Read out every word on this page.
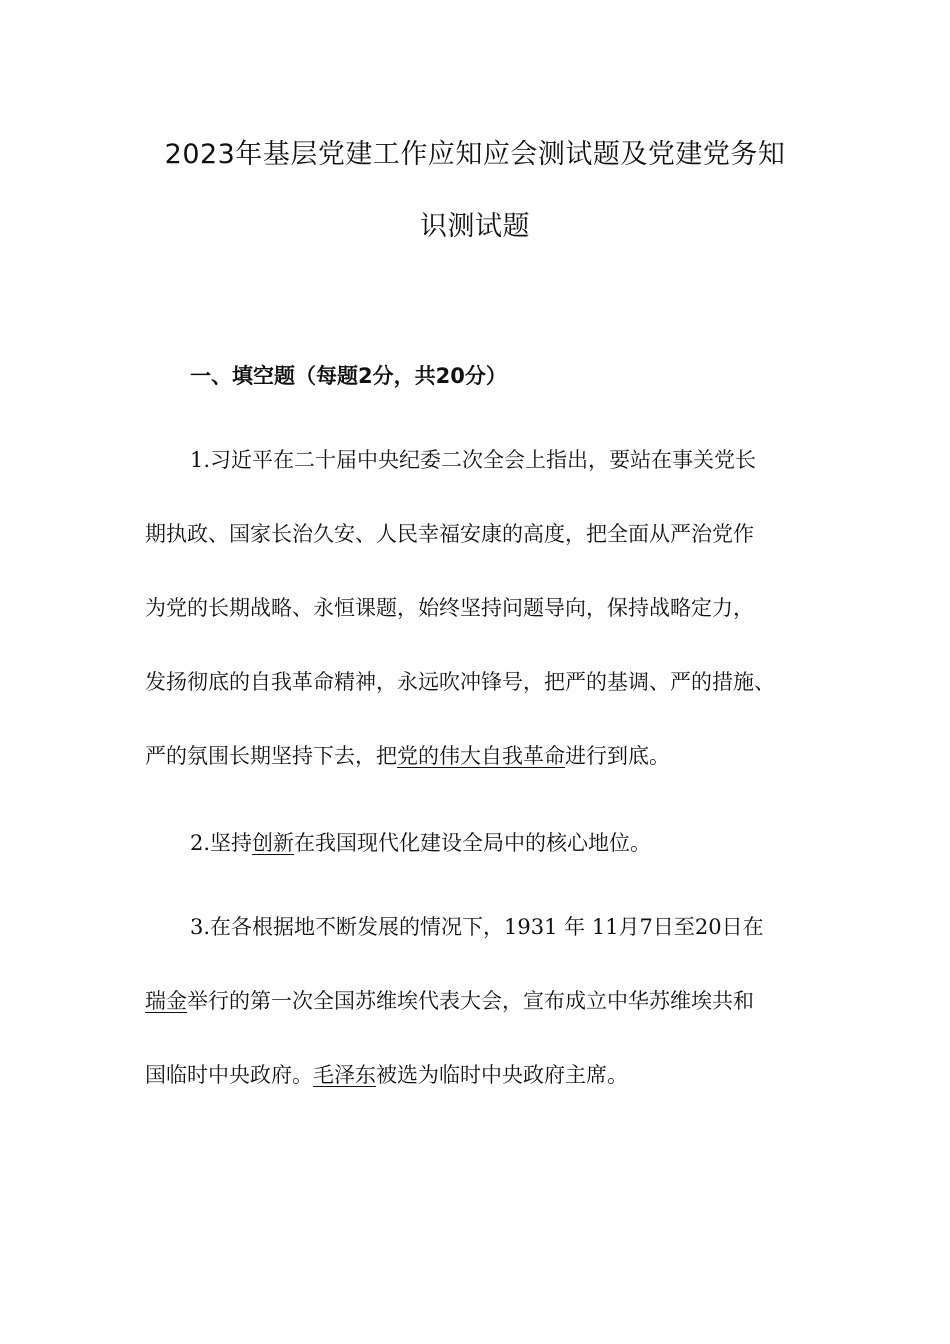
2023年基层党建工作应知应会测试题及党建党务知
识测试题
一、填空题（每题2分，共20分）
1.习近平在二十届中央纪委二次全会上指出，要站在事关党长
期执政、国家长治久安、人民幸福安康的高度，把全面从严治党作
为党的长期战略、永恒课题，始终坚持问题导向，保持战略定力，
发扬彻底的自我革命精神，永远吹冲锋号，把严的基调、严的措施、
严的氛围长期坚持下去，把党的伟大自我革命进行到底。
2.坚持创新在我国现代化建设全局中的核心地位。
3.在各根据地不断发展的情况下，1931 年 11月7日至20日在
瑞金举行的第一次全国苏维埃代表大会，宣布成立中华苏维埃共和
国临时中央政府。毛泽东被选为临时中央政府主席。
